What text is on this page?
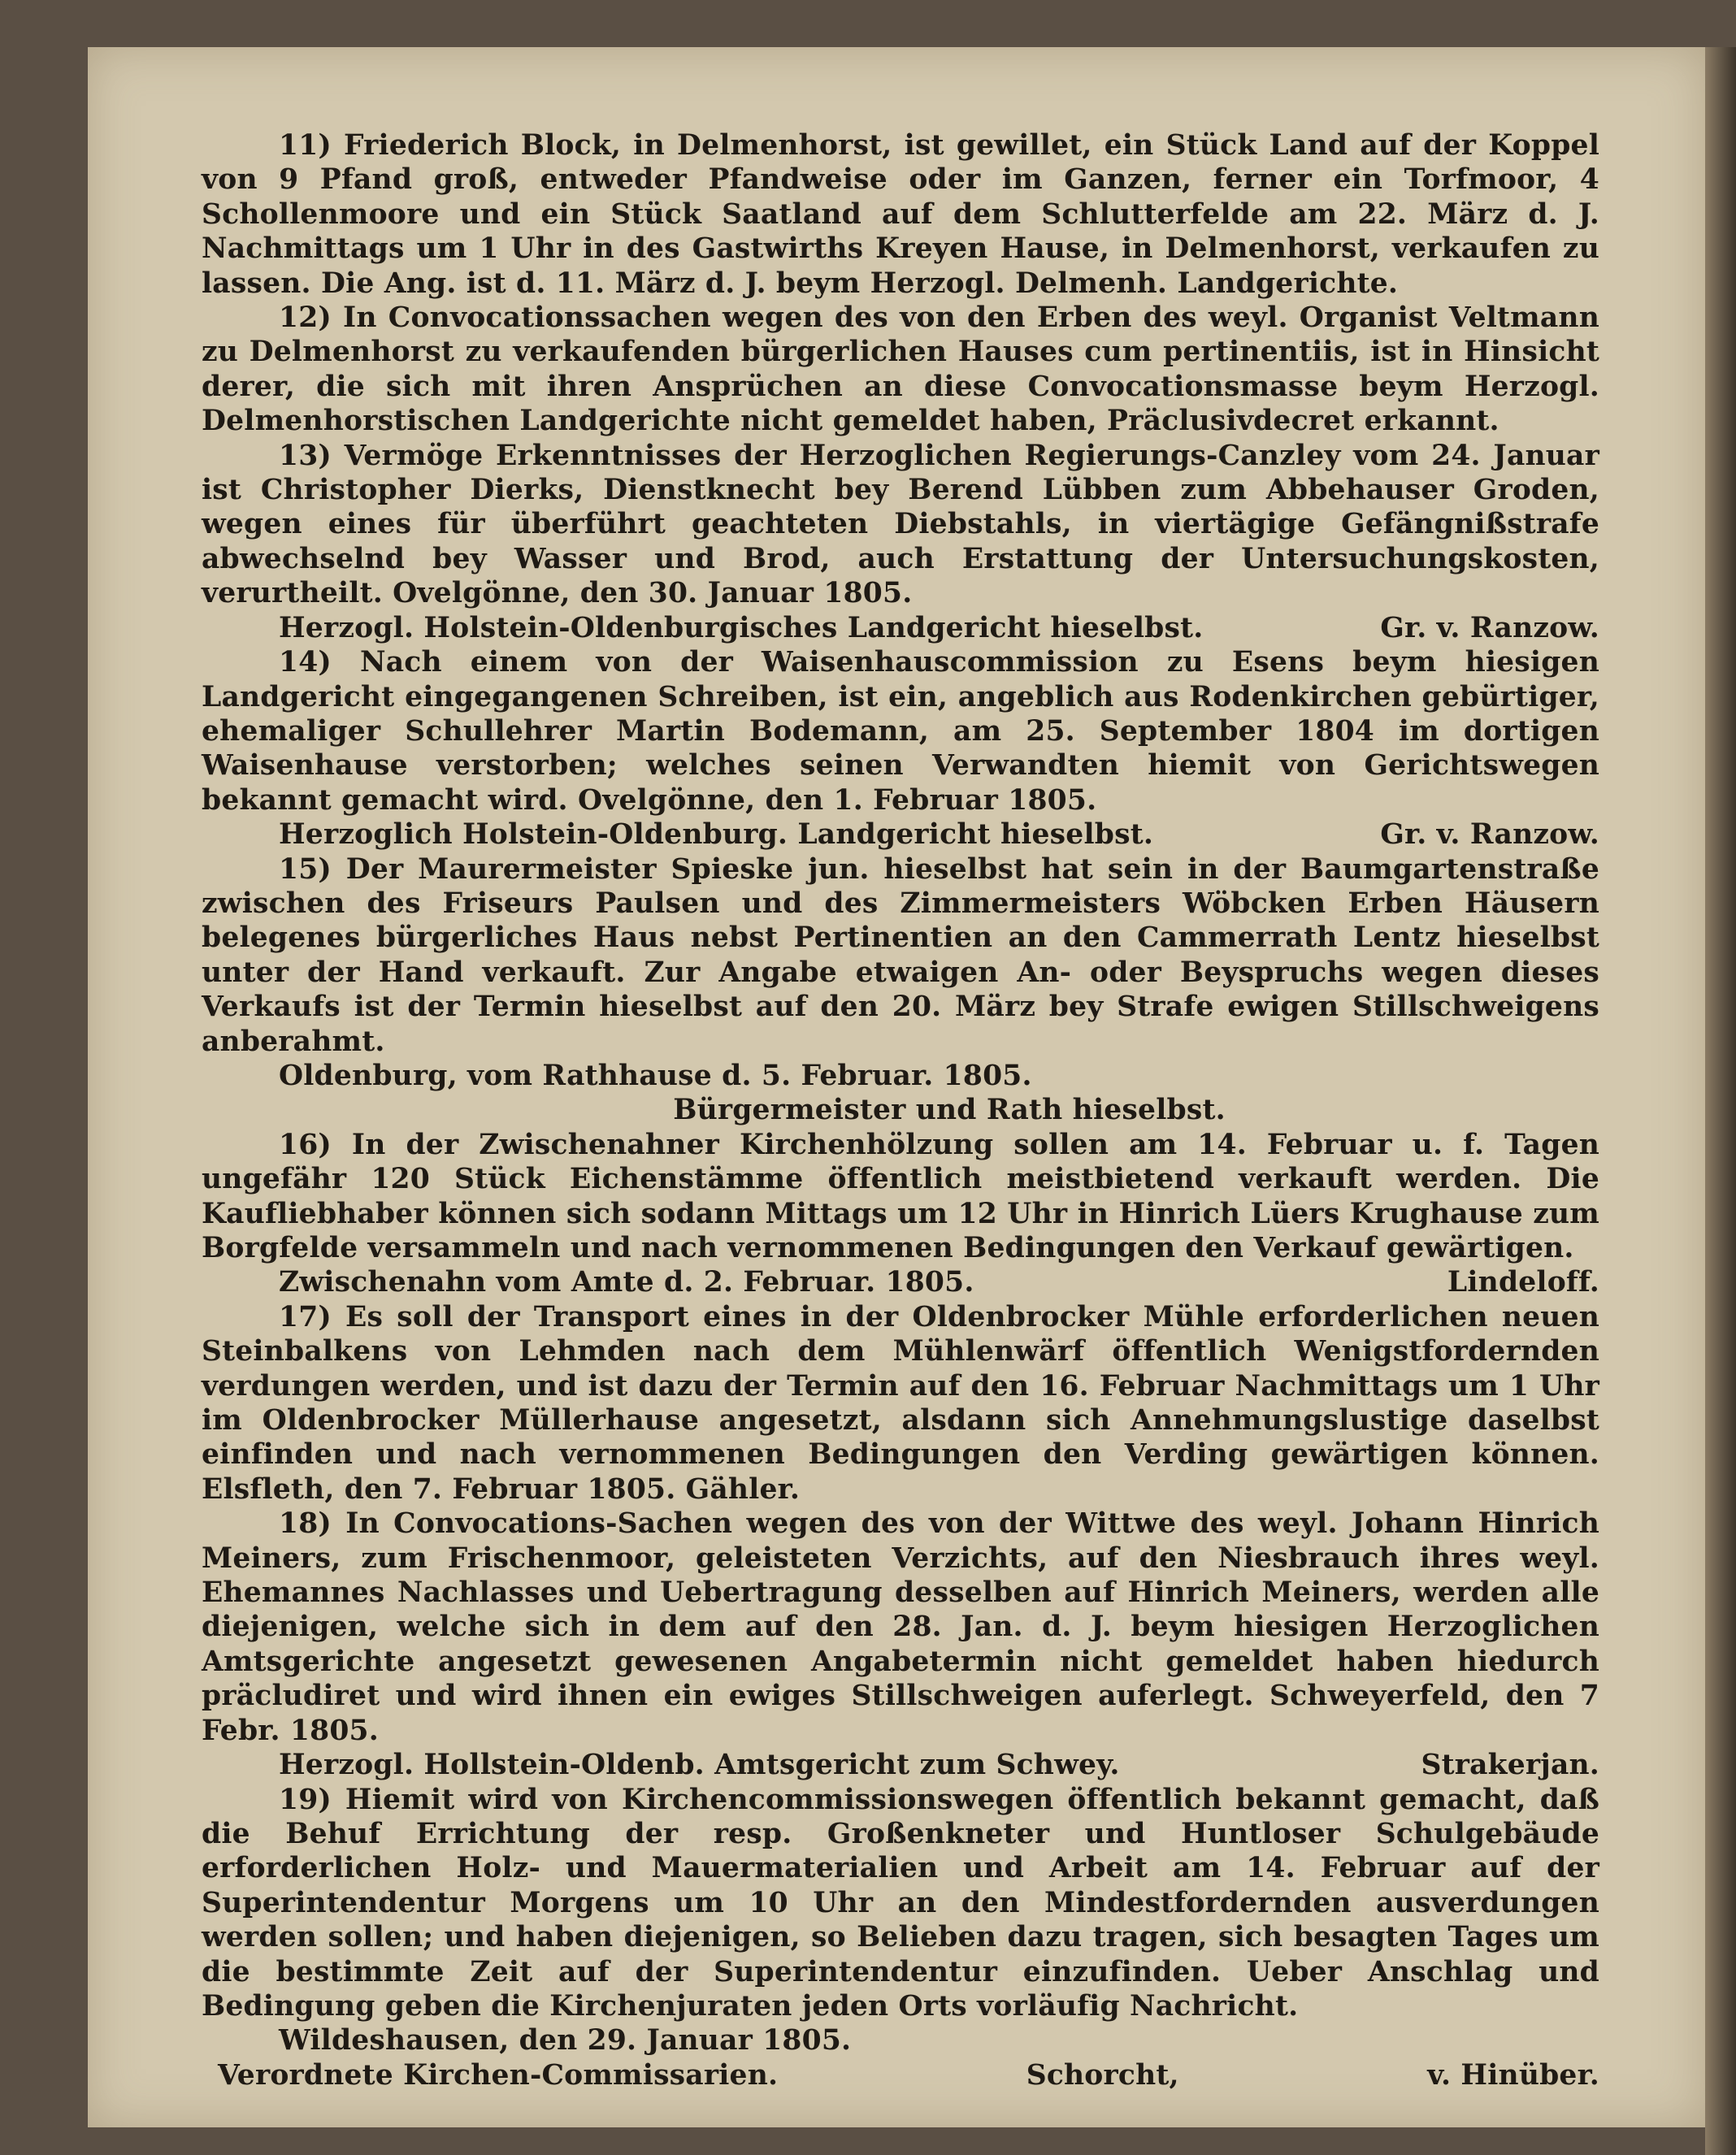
11) Friederich Block, in Delmenhorst, ist gewillet, ein Stück Land auf der Koppel von 9 Pfand groß, entweder Pfandweise oder im Ganzen, ferner ein Torfmoor, 4 Schollenmoore und ein Stück Saatland auf dem Schlutterfelde am 22. März d. J. Nachmittags um 1 Uhr in des Gastwirths Kreyen Hause, in Delmenhorst, verkaufen zu lassen. Die Ang. ist d. 11. März d. J. beym Herzogl. Delmenh. Landgerichte.

12) In Convocationssachen wegen des von den Erben des weyl. Organist Veltmann zu Delmenhorst zu verkaufenden bürgerlichen Hauses cum pertinentiis, ist in Hinsicht derer, die sich mit ihren Ansprüchen an diese Convocationsmasse beym Herzogl. Delmenhorstischen Landgerichte nicht gemeldet haben, Präclusivdecret erkannt.

13) Vermöge Erkenntnisses der Herzoglichen Regierungs-Canzley vom 24. Januar ist Christopher Dierks, Dienstknecht bey Berend Lübben zum Abbehauser Groden, wegen eines für überführt geachteten Diebstahls, in viertägige Gefängnißstrafe abwechselnd bey Wasser und Brod, auch Erstattung der Untersuchungskosten, verurtheilt. Ovelgönne, den 30. Januar 1805.

Herzogl. Holstein-Oldenburgisches Landgericht hieselbst.	Gr. v. Ranzow.

14) Nach einem von der Waisenhauscommission zu Esens beym hiesigen Landgericht eingegangenen Schreiben, ist ein, angeblich aus Rodenkirchen gebürtiger, ehemaliger Schullehrer Martin Bodemann, am 25. September 1804 im dortigen Waisenhause verstorben; welches seinen Verwandten hiemit von Gerichtswegen bekannt gemacht wird. Ovelgönne, den 1. Februar 1805.

Herzoglich Holstein-Oldenburg. Landgericht hieselbst.	Gr. v. Ranzow.

15) Der Maurermeister Spieske jun. hieselbst hat sein in der Baumgartenstraße zwischen des Friseurs Paulsen und des Zimmermeisters Wöbcken Erben Häusern belegenes bürgerliches Haus nebst Pertinentien an den Cammerrath Lentz hieselbst unter der Hand verkauft. Zur Angabe etwaigen An- oder Beyspruchs wegen dieses Verkaufs ist der Termin hieselbst auf den 20. März bey Strafe ewigen Stillschweigens anberahmt.

Oldenburg, vom Rathhause d. 5. Februar. 1805.

Bürgermeister und Rath hieselbst.

16) In der Zwischenahner Kirchenhölzung sollen am 14. Februar u. f. Tagen ungefähr 120 Stück Eichenstämme öffentlich meistbietend verkauft werden. Die Kaufliebhaber können sich sodann Mittags um 12 Uhr in Hinrich Lüers Krughause zum Borgfelde versammeln und nach vernommenen Bedingungen den Verkauf gewärtigen.

Zwischenahn vom Amte d. 2. Februar. 1805.	Lindeloff.

17) Es soll der Transport eines in der Oldenbrocker Mühle erforderlichen neuen Steinbalkens von Lehmden nach dem Mühlenwärf öffentlich Wenigstfordernden verdungen werden, und ist dazu der Termin auf den 16. Februar Nachmittags um 1 Uhr im Oldenbrocker Müllerhause angesetzt, alsdann sich Annehmungslustige daselbst einfinden und nach vernommenen Bedingungen den Verding gewärtigen können. Elsfleth, den 7. Februar 1805. Gähler.

18) In Convocations-Sachen wegen des von der Wittwe des weyl. Johann Hinrich Meiners, zum Frischenmoor, geleisteten Verzichts, auf den Niesbrauch ihres weyl. Ehemannes Nachlasses und Uebertragung desselben auf Hinrich Meiners, werden alle diejenigen, welche sich in dem auf den 28. Jan. d. J. beym hiesigen Herzoglichen Amtsgerichte angesetzt gewesenen Angabetermin nicht gemeldet haben hiedurch präcludiret und wird ihnen ein ewiges Stillschweigen auferlegt. Schweyerfeld, den 7 Febr. 1805.

Herzogl. Hollstein-Oldenb. Amtsgericht zum Schwey.	Strakerjan.

19) Hiemit wird von Kirchencommissionswegen öffentlich bekannt gemacht, daß die Behuf Errichtung der resp. Großenkneter und Huntloser Schulgebäude erforderlichen Holz- und Mauermaterialien und Arbeit am 14. Februar auf der Superintendentur Morgens um 10 Uhr an den Mindestfordernden ausverdungen werden sollen; und haben diejenigen, so Belieben dazu tragen, sich besagten Tages um die bestimmte Zeit auf der Superintendentur einzufinden. Ueber Anschlag und Bedingung geben die Kirchenjuraten jeden Orts vorläufig Nachricht.

Wildeshausen, den 29. Januar 1805.

Verordnete Kirchen-Commissarien.	Schorcht,	v. Hinüber.
